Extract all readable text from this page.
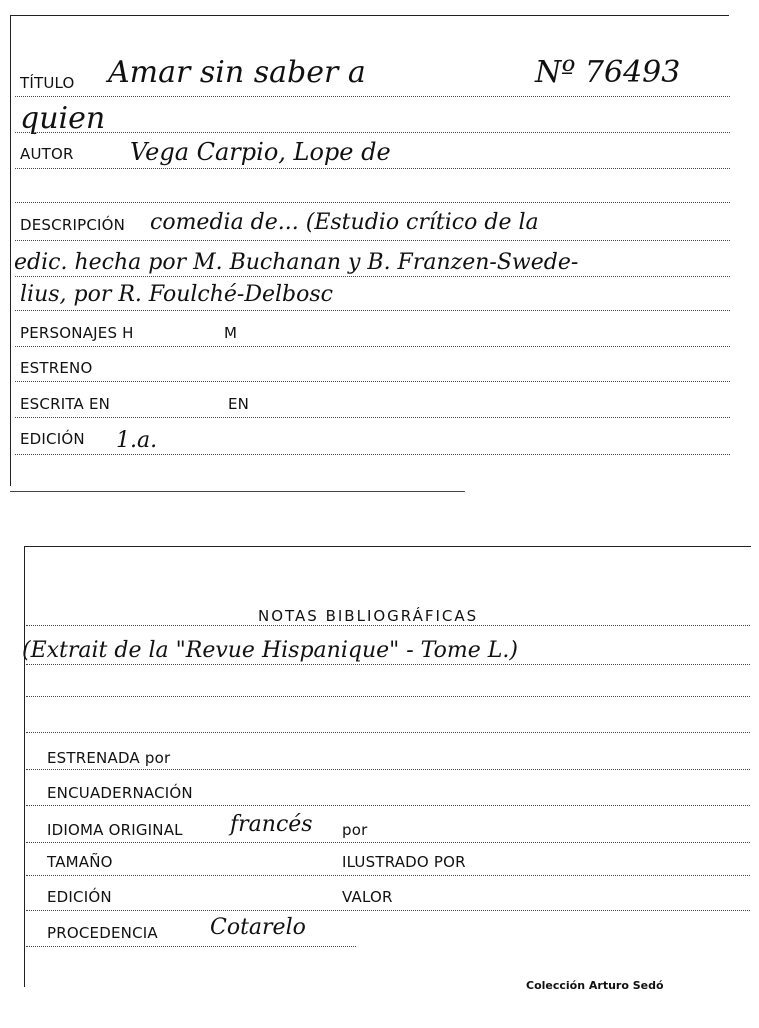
TÍTULO Amar sin saber a	Nº 76493
quien
AUTOR Vega Carpio, Lope de
DESCRIPCIÓN comedia de... (Estudio crítico de la
edic. hecha por M. Buchanan y B. Franzen-Swede-
lius, por R. Foulché-Delbosc
PERSONAJES H	M
ESTRENO
ESCRITA EN	EN
EDICIÓN 1.a.
NOTAS BIBLIOGRÁFICAS
(Extrait de la "Revue Hispanique" - Tome L.)
ESTRENADA por
ENCUADERNACIÓN
IDIOMA ORIGINAL francés por
TAMAÑO	ILUSTRADO POR
EDICIÓN	VALOR
PROCEDENCIA Cotarelo
Colección Arturo Sedó
